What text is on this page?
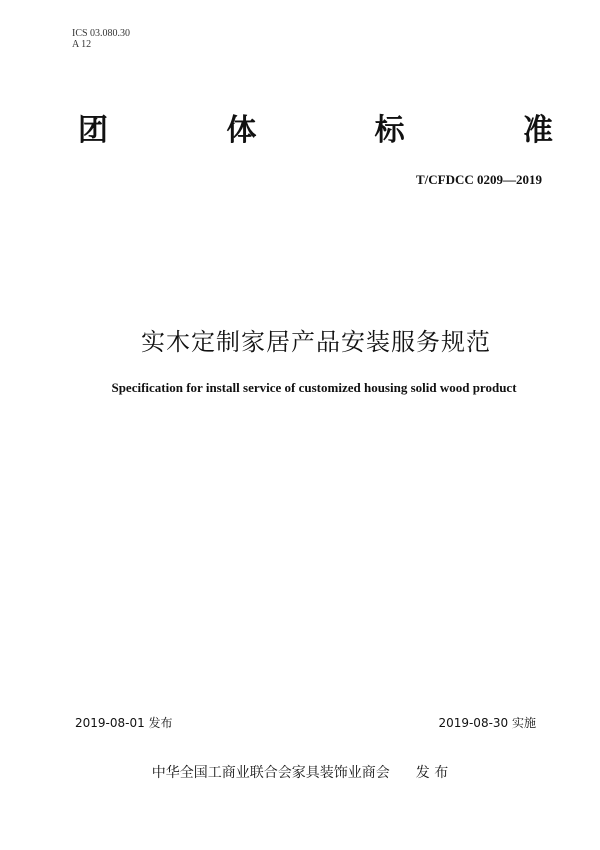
ICS 03.080.30
A 12
团	体	标	准
T/CFDCC 0209—2019
实木定制家居产品安装服务规范
Specification for install service of customized housing solid wood product
2019-08-01 发布	2019-08-30 实施
中华全国工商业联合会家具装饰业商会 发 布
